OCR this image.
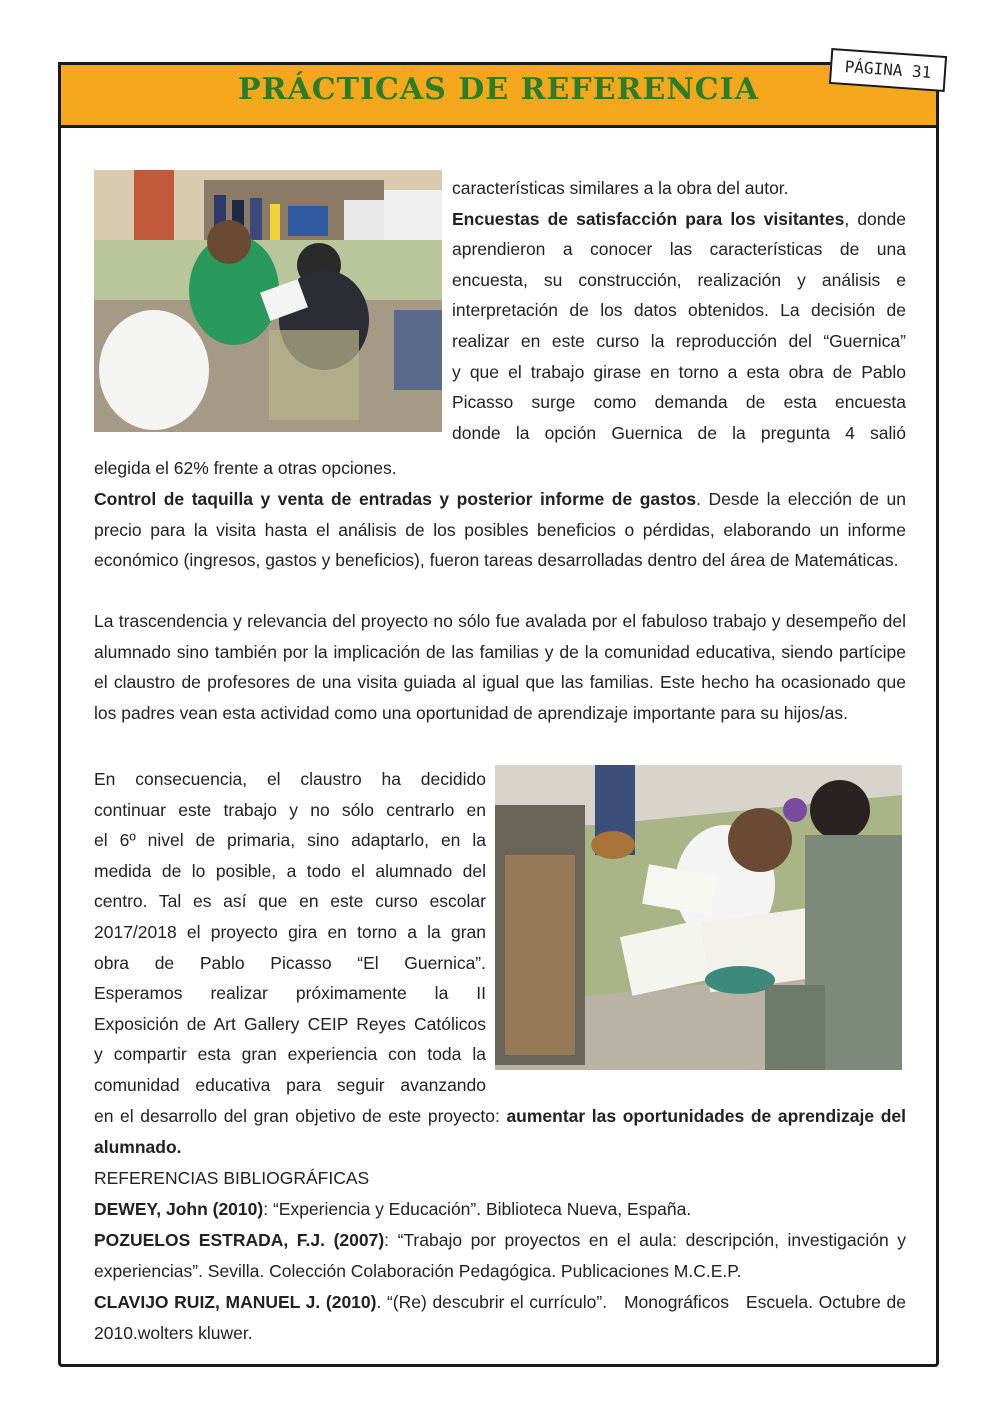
PRÁCTICAS DE REFERENCIA
PÁGINA 31

características similares a la obra del autor.
Encuestas de satisfacción para los visitantes, donde
aprendieron a conocer las características de una
encuesta, su construcción, realización y análisis e
interpretación de los datos obtenidos. La decisión de
realizar en este curso la reproducción del “Guernica”
y que el trabajo girase en torno a esta obra de Pablo
Picasso surge como demanda de esta encuesta
donde la opción Guernica de la pregunta 4 salió

elegida el 62% frente a otras opciones.

Control de taquilla y venta de entradas y posterior informe de gastos. Desde la elección de un precio para la visita hasta el análisis de los posibles beneficios o pérdidas, elaborando un informe económico (ingresos, gastos y beneficios), fueron tareas desarrolladas dentro del área de Matemáticas.

La trascendencia y relevancia del proyecto no sólo fue avalada por el fabuloso trabajo y desempeño del alumnado sino también por la implicación de las familias y de la comunidad educativa, siendo partícipe el claustro de profesores de una visita guiada al igual que las familias. Este hecho ha ocasionado que los padres vean esta actividad como una oportunidad de aprendizaje importante para su hijos/as.

En consecuencia, el claustro ha decidido
continuar este trabajo y no sólo centrarlo en
el 6º nivel de primaria, sino adaptarlo, en la
medida de lo posible, a todo el alumnado del
centro. Tal es así que en este curso escolar
2017/2018 el proyecto gira en torno a la gran
obra de Pablo Picasso “El Guernica”.
Esperamos realizar próximamente la II
Exposición de Art Gallery CEIP Reyes Católicos
y compartir esta gran experiencia con toda la
comunidad educativa para seguir avanzando

en el desarrollo del gran objetivo de este proyecto: aumentar las oportunidades de aprendizaje del alumnado.

REFERENCIAS BIBLIOGRÁFICAS

DEWEY, John (2010): “Experiencia y Educación”. Biblioteca Nueva, España.

POZUELOS ESTRADA, F.J. (2007): “Trabajo por proyectos en el aula: descripción, investigación y experiencias”. Sevilla. Colección Colaboración Pedagógica. Publicaciones M.C.E.P.

CLAVIJO RUIZ, MANUEL J. (2010). “(Re) descubrir el currículo”.   Monográficos   Escuela. Octubre de 2010.wolters kluwer.
